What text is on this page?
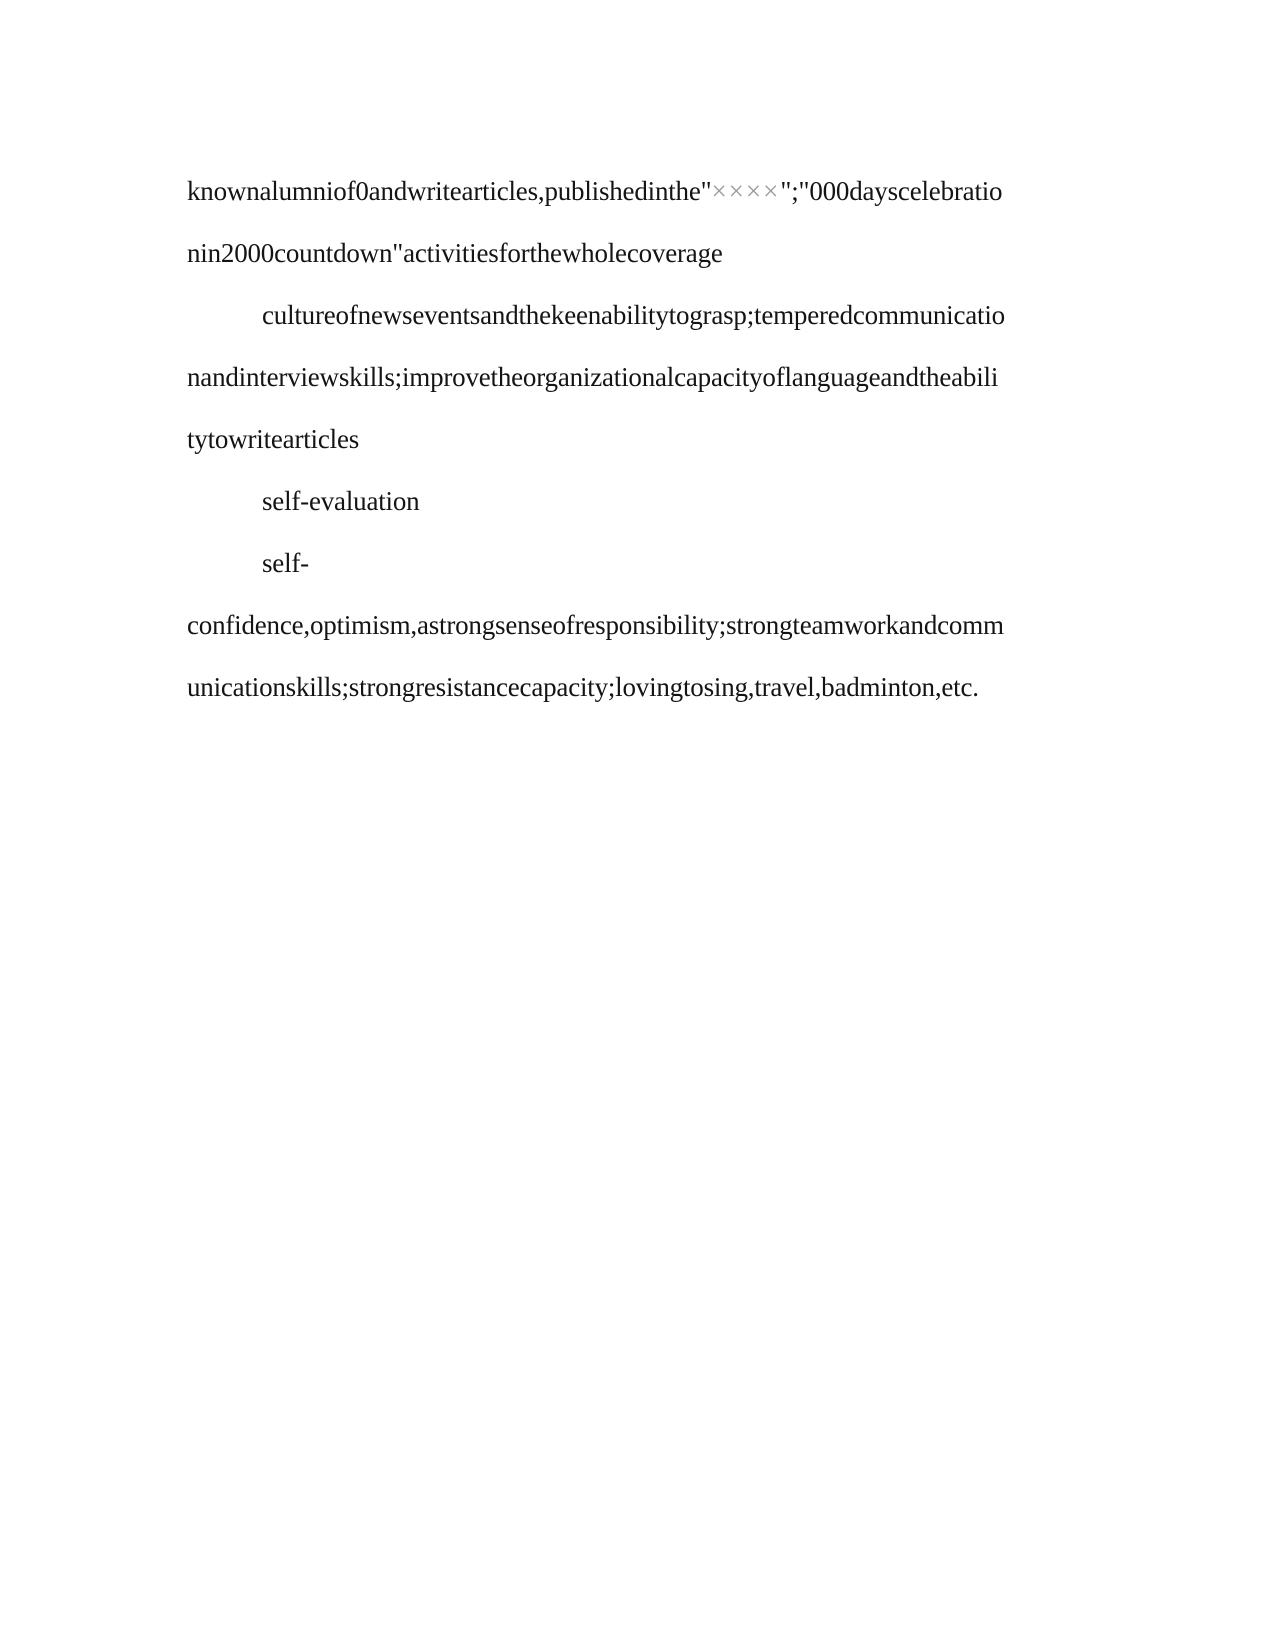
knownalumniof0andwritearticles,publishedinthe"××××";"000dayscelebratio
nin2000countdown"activitiesforthewholecoverage
cultureofnewseventsandthekeenabilitytograsp;temperedcommunicatio
nandinterviewskills;improvetheorganizationalcapacityoflanguageandtheabili
tytowritearticles
self-evaluation
self-
confidence,optimism,astrongsenseofresponsibility;strongteamworkandcomm
unicationskills;strongresistancecapacity;lovingtosing,travel,badminton,etc.
